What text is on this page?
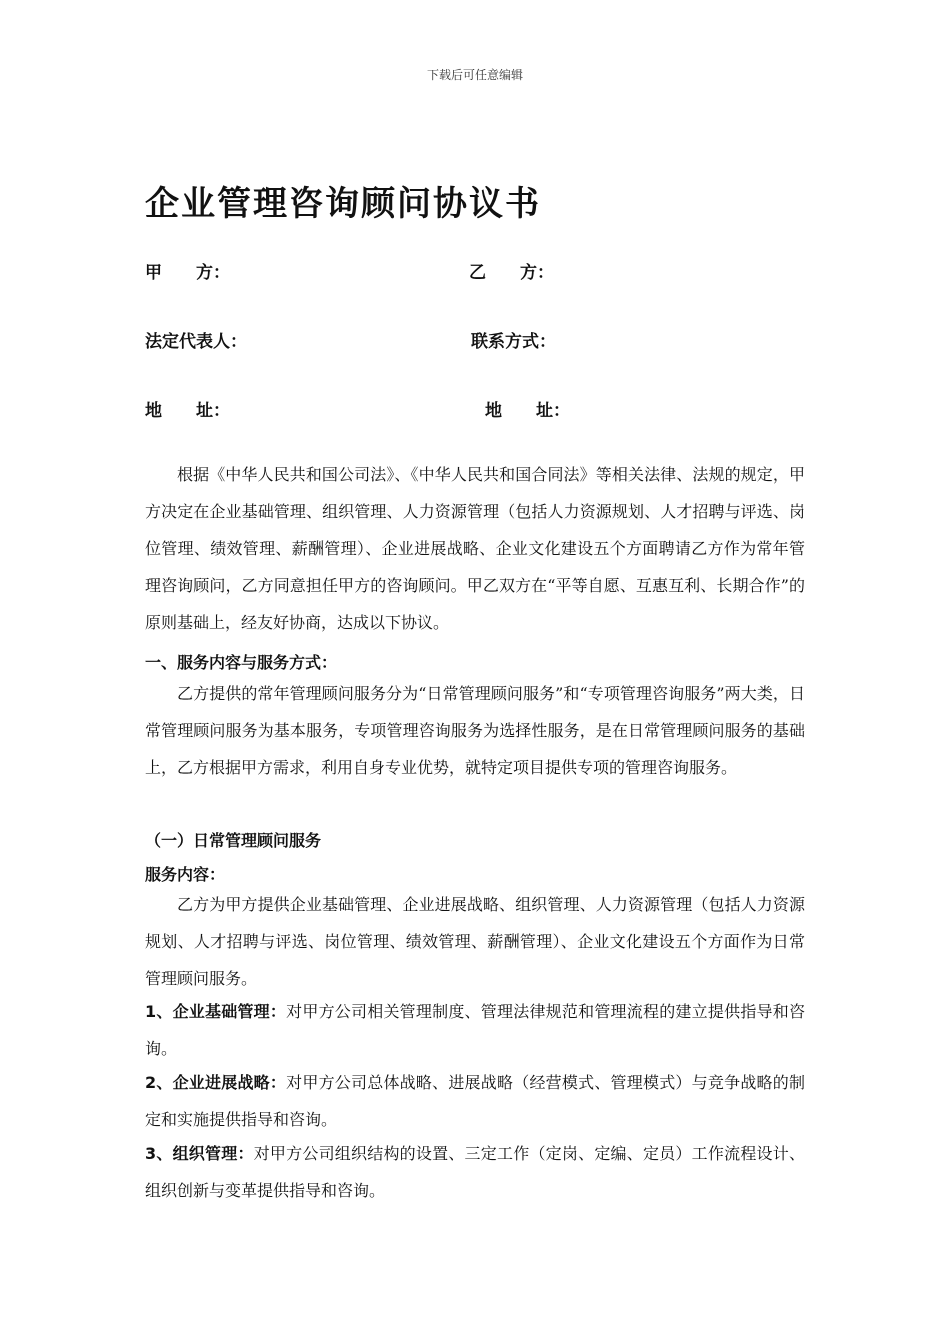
下载后可任意编辑
企业管理咨询顾问协议书
甲　　方：	乙　　方：
法定代表人：	联系方式：
地　　址：	地　　址：

根据《中华人民共和国公司法》、《中华人民共和国合同法》等相关法律、法规的规定，甲方决定在企业基础管理、组织管理、人力资源管理（包括人力资源规划、人才招聘与评选、岗位管理、绩效管理、薪酬管理）、企业进展战略、企业文化建设五个方面聘请乙方作为常年管理咨询顾问，乙方同意担任甲方的咨询顾问。甲乙双方在“平等自愿、互惠互利、长期合作”的原则基础上，经友好协商，达成以下协议。

一、服务内容与服务方式：

乙方提供的常年管理顾问服务分为“日常管理顾问服务”和“专项管理咨询服务”两大类，日常管理顾问服务为基本服务，专项管理咨询服务为选择性服务，是在日常管理顾问服务的基础上，乙方根据甲方需求，利用自身专业优势，就特定项目提供专项的管理咨询服务。

（一）日常管理顾问服务
服务内容：

乙方为甲方提供企业基础管理、企业进展战略、组织管理、人力资源管理（包括人力资源规划、人才招聘与评选、岗位管理、绩效管理、薪酬管理）、企业文化建设五个方面作为日常管理顾问服务。

1、企业基础管理：对甲方公司相关管理制度、管理法律规范和管理流程的建立提供指导和咨询。

2、企业进展战略：对甲方公司总体战略、进展战略（经营模式、管理模式）与竞争战略的制定和实施提供指导和咨询。

3、组织管理：对甲方公司组织结构的设置、三定工作（定岗、定编、定员）工作流程设计、组织创新与变革提供指导和咨询。
